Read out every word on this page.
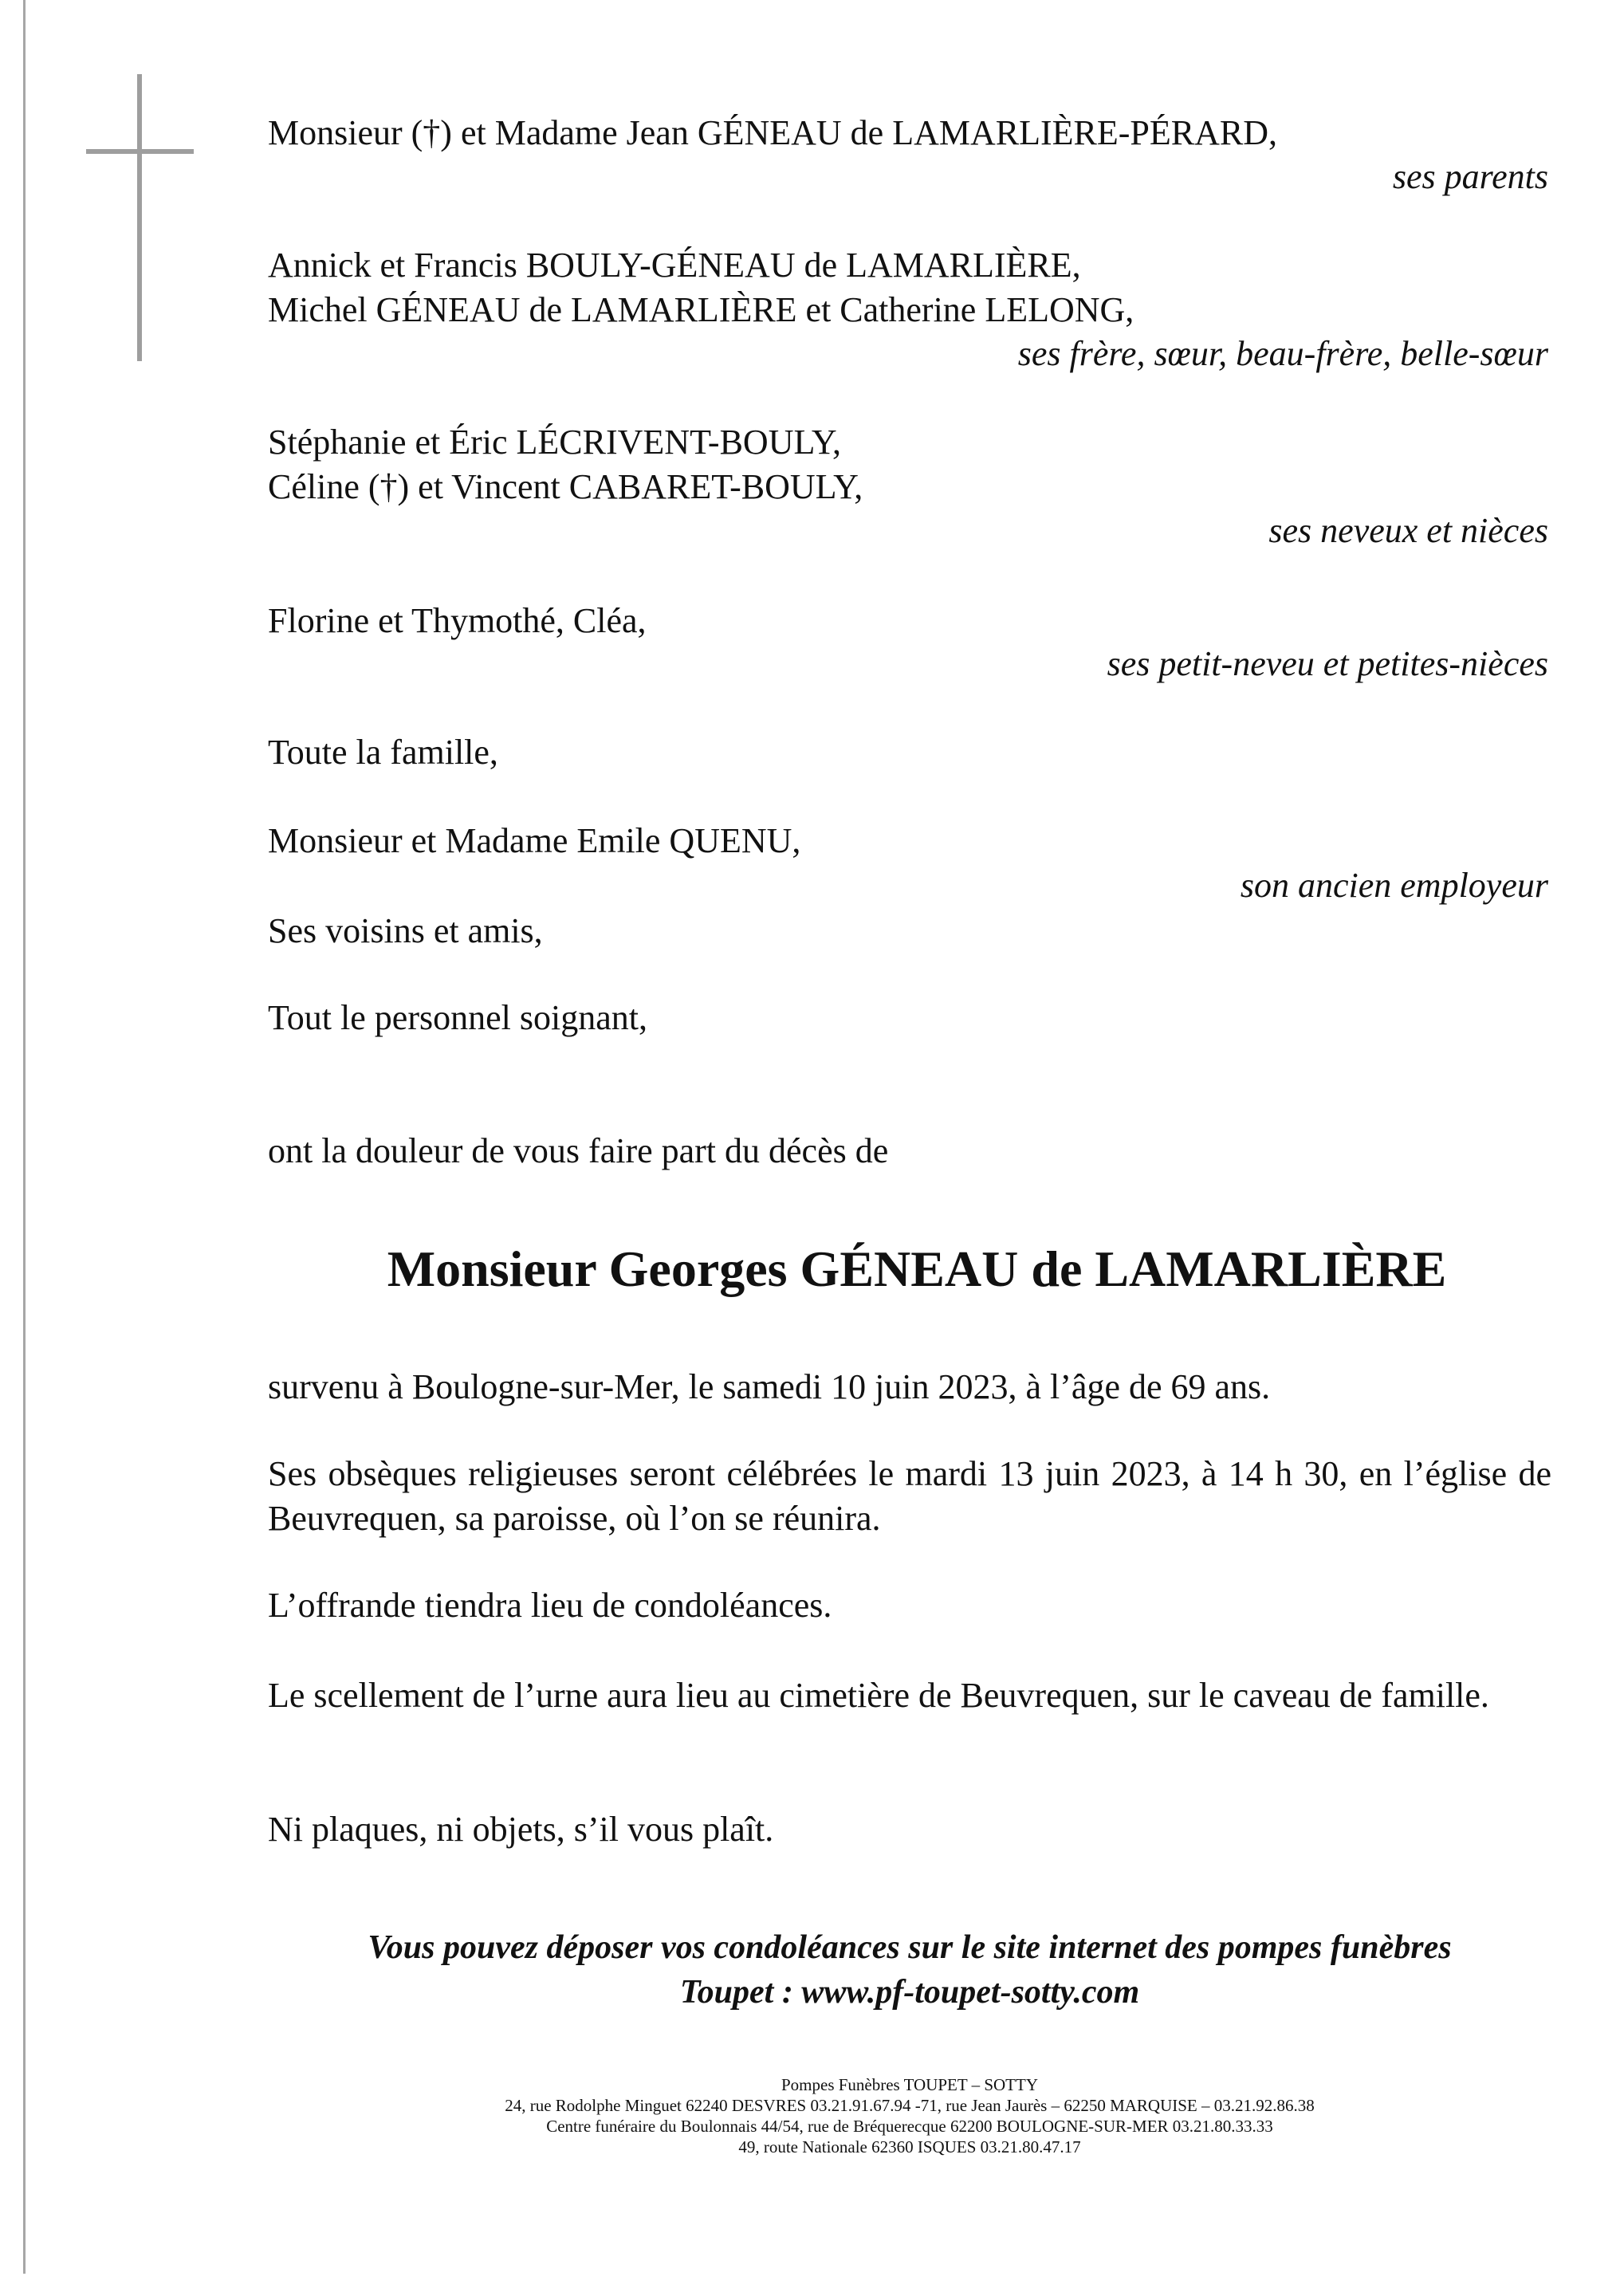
Monsieur (†) et Madame Jean GÉNEAU de LAMARLIÈRE-PÉRARD,
ses parents
Annick et Francis BOULY-GÉNEAU de LAMARLIÈRE,
Michel GÉNEAU de LAMARLIÈRE et Catherine LELONG,
ses frère, sœur, beau-frère, belle-sœur
Stéphanie et Éric LÉCRIVENT-BOULY,
Céline (†) et Vincent CABARET-BOULY,
ses neveux et nièces
Florine et Thymothé, Cléa,
ses petit-neveu et petites-nièces
Toute la famille,
Monsieur et Madame Emile QUENU,
son ancien employeur
Ses voisins et amis,
Tout le personnel soignant,
ont la douleur de vous faire part du décès de
Monsieur Georges GÉNEAU de LAMARLIÈRE
survenu à Boulogne-sur-Mer, le samedi 10 juin 2023, à l’âge de 69 ans.
Ses obsèques religieuses seront célébrées le mardi 13 juin 2023, à 14 h 30, en l’église de Beuvrequen, sa paroisse, où l’on se réunira.
L’offrande tiendra lieu de condoléances.
Le scellement de l’urne aura lieu au cimetière de Beuvrequen, sur le caveau de famille.
Ni plaques, ni objets, s’il vous plaît.
Vous pouvez déposer vos condoléances sur le site internet des pompes funèbres
Toupet : www.pf-toupet-sotty.com
Pompes Funèbres TOUPET – SOTTY
24, rue Rodolphe Minguet 62240 DESVRES 03.21.91.67.94 -71, rue Jean Jaurès – 62250 MARQUISE – 03.21.92.86.38
Centre funéraire du Boulonnais 44/54, rue de Bréquerecque 62200 BOULOGNE-SUR-MER 03.21.80.33.33
49, route Nationale 62360 ISQUES 03.21.80.47.17
